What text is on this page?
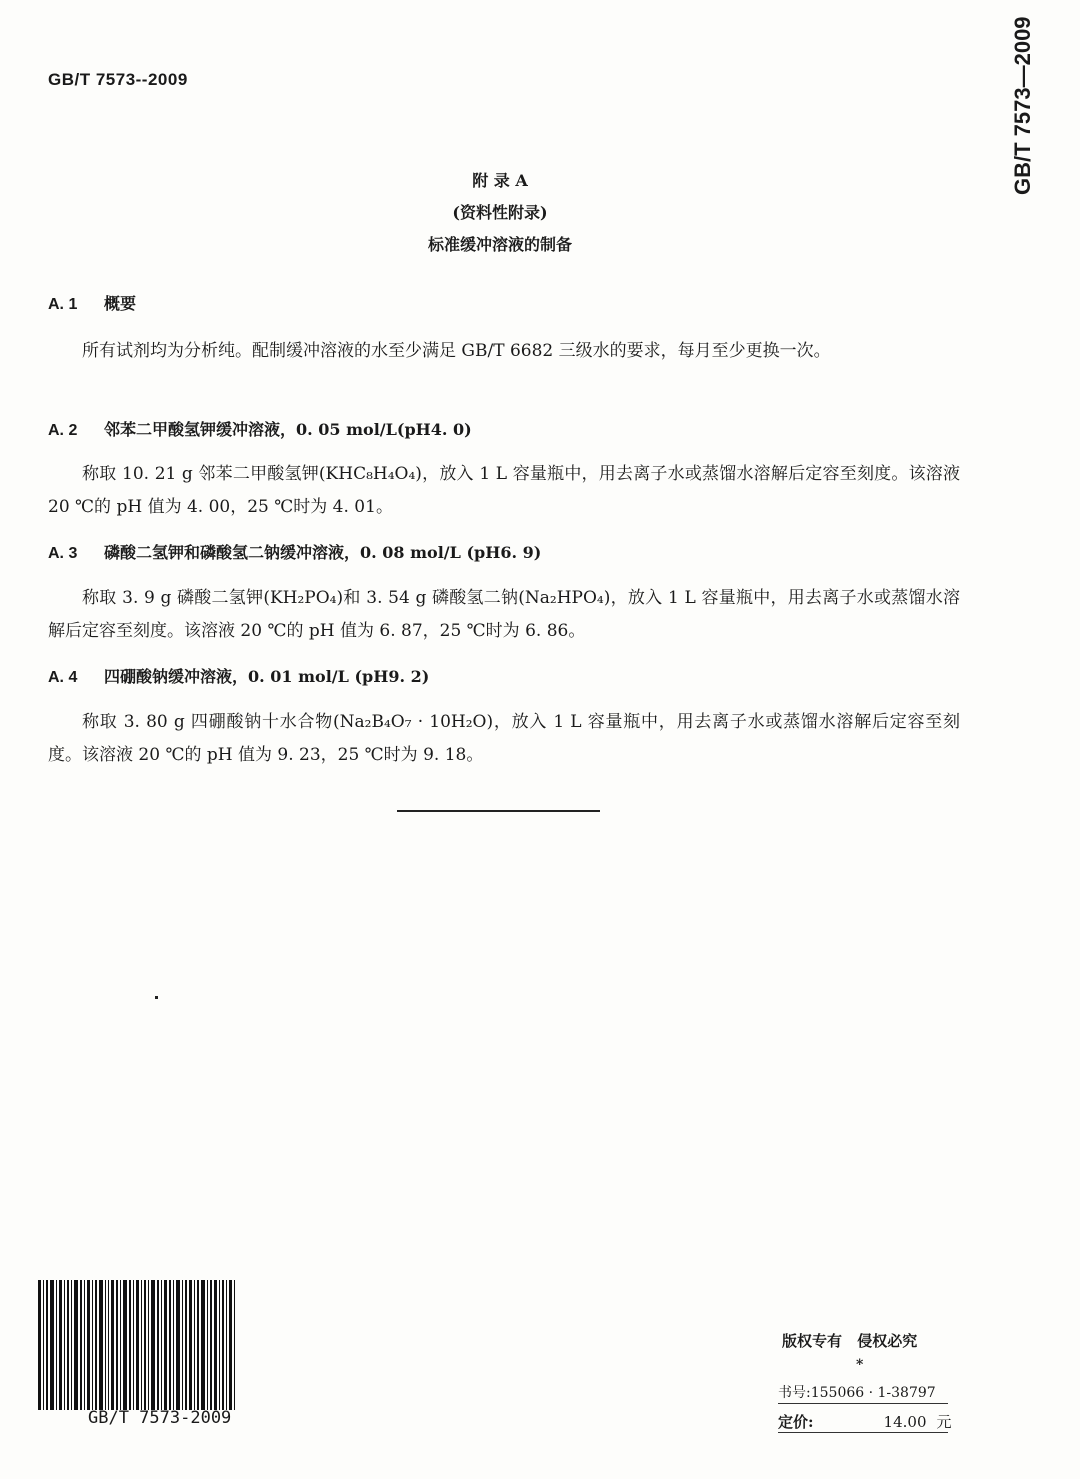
GB/T 7573--2009	GB/T 7573—2009
附 录 A
(资料性附录)
标准缓冲溶液的制备
A. 1 概要
所有试剂均为分析纯。配制缓冲溶液的水至少满足 GB/T 6682 三级水的要求，每月至少更换一次。
A. 2 邻苯二甲酸氢钾缓冲溶液，0. 05 mol/L(pH4. 0)
称取 10. 21 g 邻苯二甲酸氢钾(KHC₈H₄O₄)，放入 1 L 容量瓶中，用去离子水或蒸馏水溶解后定容至刻度。该溶液 20 ℃的 pH 值为 4. 00，25 ℃时为 4. 01。
A. 3 磷酸二氢钾和磷酸氢二钠缓冲溶液，0. 08 mol/L (pH6. 9)
称取 3. 9 g 磷酸二氢钾(KH₂PO₄)和 3. 54 g 磷酸氢二钠(Na₂HPO₄)，放入 1 L 容量瓶中，用去离子水或蒸馏水溶解后定容至刻度。该溶液 20 ℃的 pH 值为 6. 87，25 ℃时为 6. 86。
A. 4 四硼酸钠缓冲溶液，0. 01 mol/L (pH9. 2)
称取 3. 80 g 四硼酸钠十水合物(Na₂B₄O₇ · 10H₂O)，放入 1 L 容量瓶中，用去离子水或蒸馏水溶解后定容至刻度。该溶液 20 ℃的 pH 值为 9. 23，25 ℃时为 9. 18。
GB/T 7573-2009
版权专有 侵权必究
*
书号:155066 · 1-38797
定价:	14.00 元
